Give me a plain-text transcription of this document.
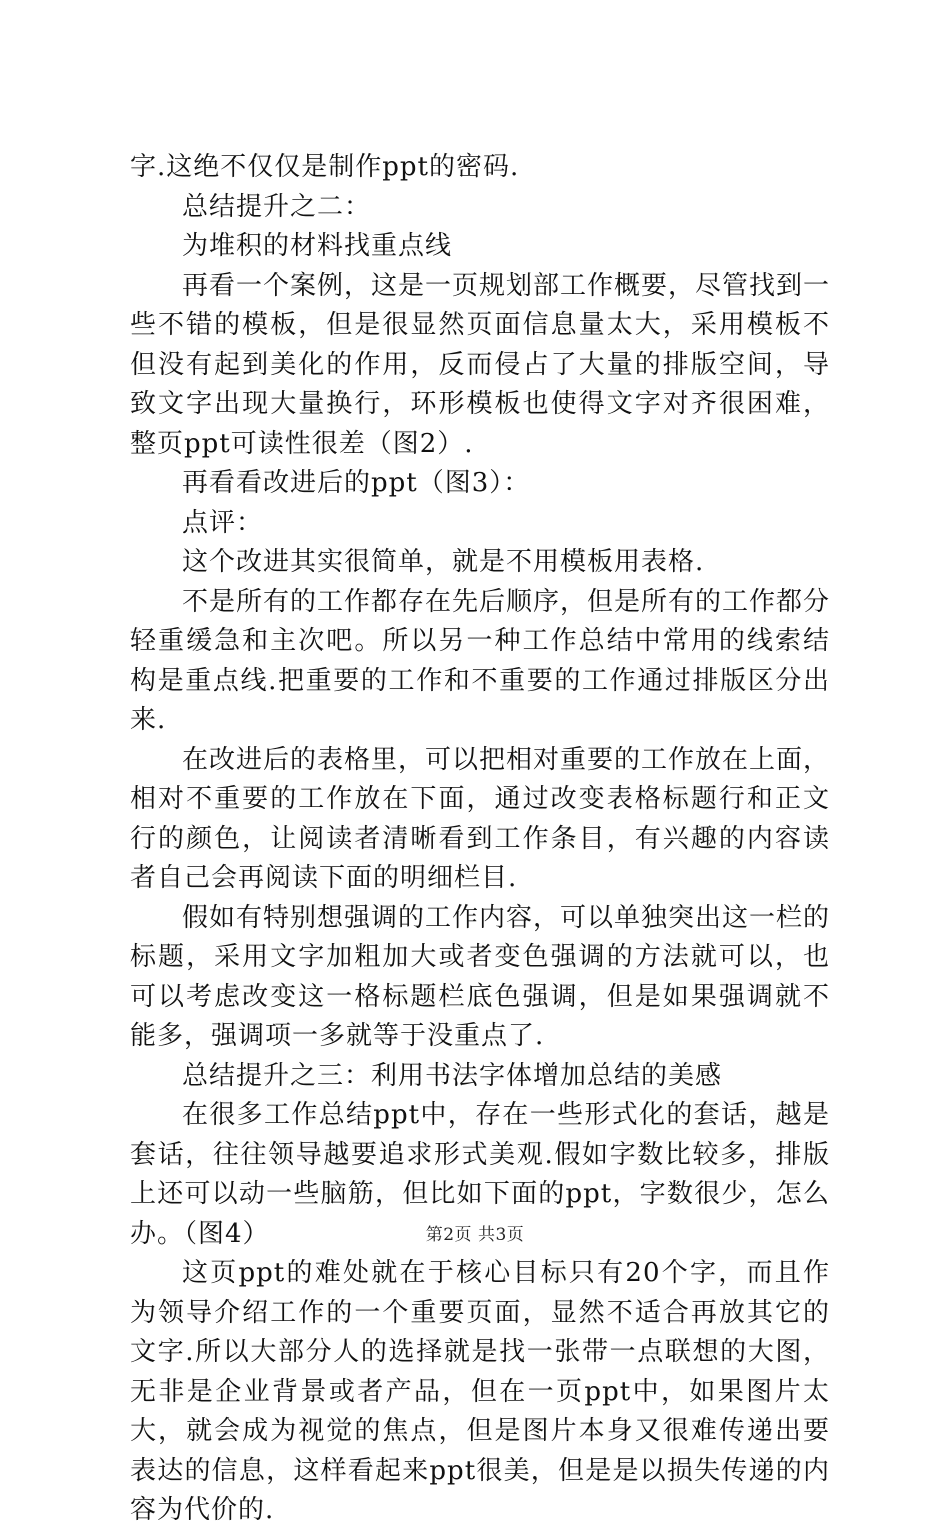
字.这绝不仅仅是制作ppt的密码.

总结提升之二：

为堆积的材料找重点线

再看一个案例，这是一页规划部工作概要，尽管找到一些不错的模板，但是很显然页面信息量太大，采用模板不但没有起到美化的作用，反而侵占了大量的排版空间，导致文字出现大量换行，环形模板也使得文字对齐很困难，整页ppt可读性很差（图2）.

再看看改进后的ppt（图3）：

点评：

这个改进其实很简单，就是不用模板用表格.

不是所有的工作都存在先后顺序，但是所有的工作都分轻重缓急和主次吧。所以另一种工作总结中常用的线索结构是重点线.把重要的工作和不重要的工作通过排版区分出来.

在改进后的表格里，可以把相对重要的工作放在上面，相对不重要的工作放在下面，通过改变表格标题行和正文行的颜色，让阅读者清晰看到工作条目，有兴趣的内容读者自己会再阅读下面的明细栏目.

假如有特别想强调的工作内容，可以单独突出这一栏的标题，采用文字加粗加大或者变色强调的方法就可以，也可以考虑改变这一格标题栏底色强调，但是如果强调就不能多，强调项一多就等于没重点了.

总结提升之三：利用书法字体增加总结的美感

在很多工作总结ppt中，存在一些形式化的套话，越是套话，往往领导越要追求形式美观.假如字数比较多，排版上还可以动一些脑筋，但比如下面的ppt，字数很少，怎么办。（图4）

这页ppt的难处就在于核心目标只有20个字，而且作为领导介绍工作的一个重要页面，显然不适合再放其它的文字.所以大部分人的选择就是找一张带一点联想的大图，无非是企业背景或者产品，但在一页ppt中，如果图片太大，就会成为视觉的焦点，但是图片本身又很难传递出要表达的信息，这样看起来ppt很美，但是是以损失传递的内容为代价的.

第2页 共3页
